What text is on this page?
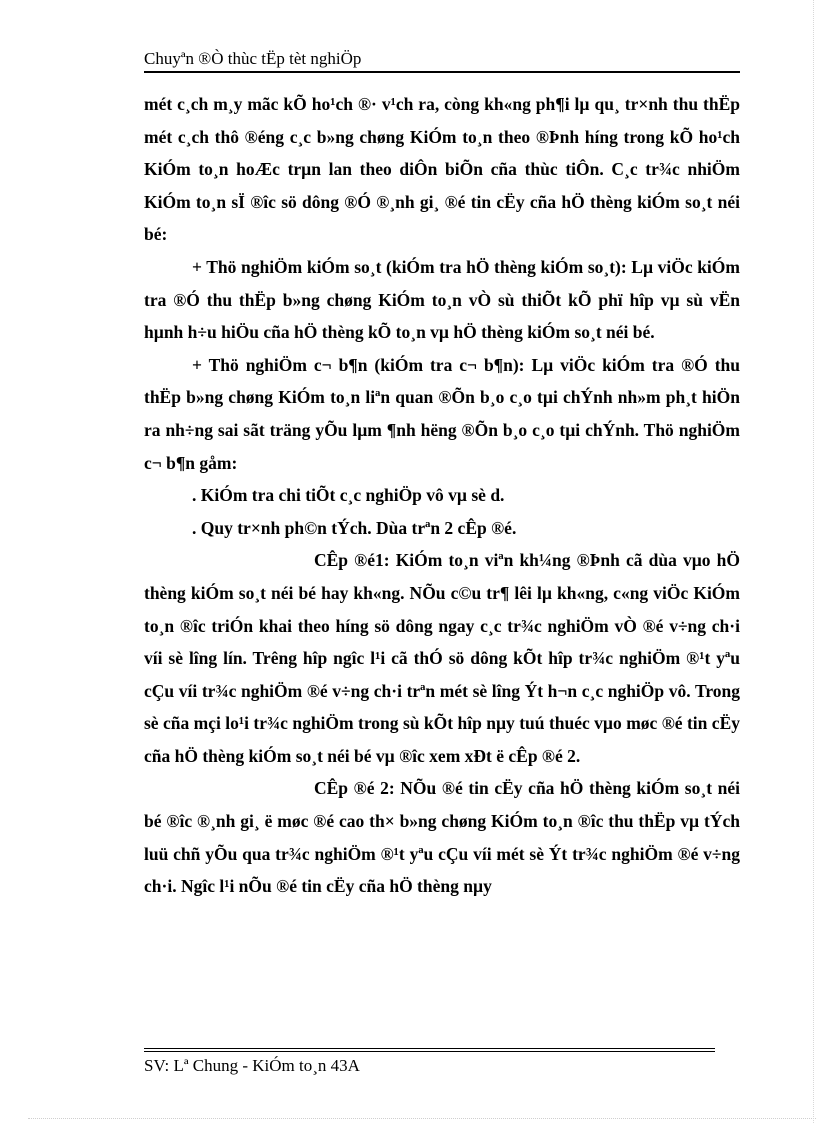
Chuyªn ®Ò thùc tËp tèt nghiÖp

mét c¸ch m¸y mãc kÕ ho¹ch ®· v¹ch ra, còng kh«ng ph¶i lµ qu¸ tr×nh thu thËp mét c¸ch thô ®éng c¸c b»ng chøng KiÓm to¸n theo ®Þnh híng trong kÕ ho¹ch KiÓm to¸n hoÆc trµn lan theo diÔn biÕn cña thùc tiÔn. C¸c tr¾c nhiÖm KiÓm to¸n sÏ ®îc sö dông ®Ó ®¸nh gi¸ ®é tin cËy cña hÖ thèng kiÓm so¸t néi bé:

+ Thö nghiÖm kiÓm so¸t (kiÓm tra hÖ thèng kiÓm so¸t): Lµ viÖc kiÓm tra ®Ó thu thËp b»ng chøng KiÓm to¸n vÒ sù thiÕt kÕ phï hîp vµ sù vËn hµnh h÷u hiÖu cña hÖ thèng kÕ to¸n vµ hÖ thèng kiÓm so¸t néi bé.

+ Thö nghiÖm c¬ b¶n (kiÓm tra c¬ b¶n): Lµ viÖc kiÓm tra ®Ó thu thËp b»ng chøng KiÓm to¸n liªn quan ®Õn b¸o c¸o tµi chÝnh nh»m ph¸t hiÖn ra nh÷ng sai sãt träng yÕu lµm ¶nh hëng ®Õn b¸o c¸o tµi chÝnh. Thö nghiÖm c¬ b¶n gåm:

. KiÓm tra chi tiÕt c¸c nghiÖp vô vµ sè d.

. Quy tr×nh ph©n tÝch. Dùa trªn 2 cÊp ®é.

CÊp ®é1: KiÓm to¸n viªn kh¼ng ®Þnh cã dùa vµo hÖ thèng kiÓm so¸t néi bé hay kh«ng. NÕu c©u tr¶ lêi lµ kh«ng, c«ng viÖc KiÓm to¸n ®îc triÓn khai theo híng sö dông ngay c¸c tr¾c nghiÖm vÒ ®é v÷ng ch·i víi sè lîng lín. Trêng hîp ngîc l¹i cã thÓ sö dông kÕt hîp tr¾c nghiÖm ®¹t yªu cÇu víi tr¾c nghiÖm ®é v÷ng ch·i trªn mét sè lîng Ýt h¬n c¸c nghiÖp vô. Trong sè cña mçi lo¹i tr¾c nghiÖm trong sù kÕt hîp nµy tuú thuéc vµo møc ®é tin cËy cña hÖ thèng kiÓm so¸t néi bé vµ ®îc xem xÐt ë cÊp ®é 2.

CÊp ®é 2: NÕu ®é tin cËy cña hÖ thèng kiÓm so¸t néi bé ®îc ®¸nh gi¸ ë møc ®é cao th× b»ng chøng KiÓm to¸n ®îc thu thËp vµ tÝch luü chñ yÕu qua tr¾c nghiÖm ®¹t yªu cÇu víi mét sè Ýt tr¾c nghiÖm ®é v÷ng ch·i. Ngîc l¹i nÕu ®é tin cËy cña hÖ thèng nµy

SV: Lª Chung - KiÓm to¸n 43A
